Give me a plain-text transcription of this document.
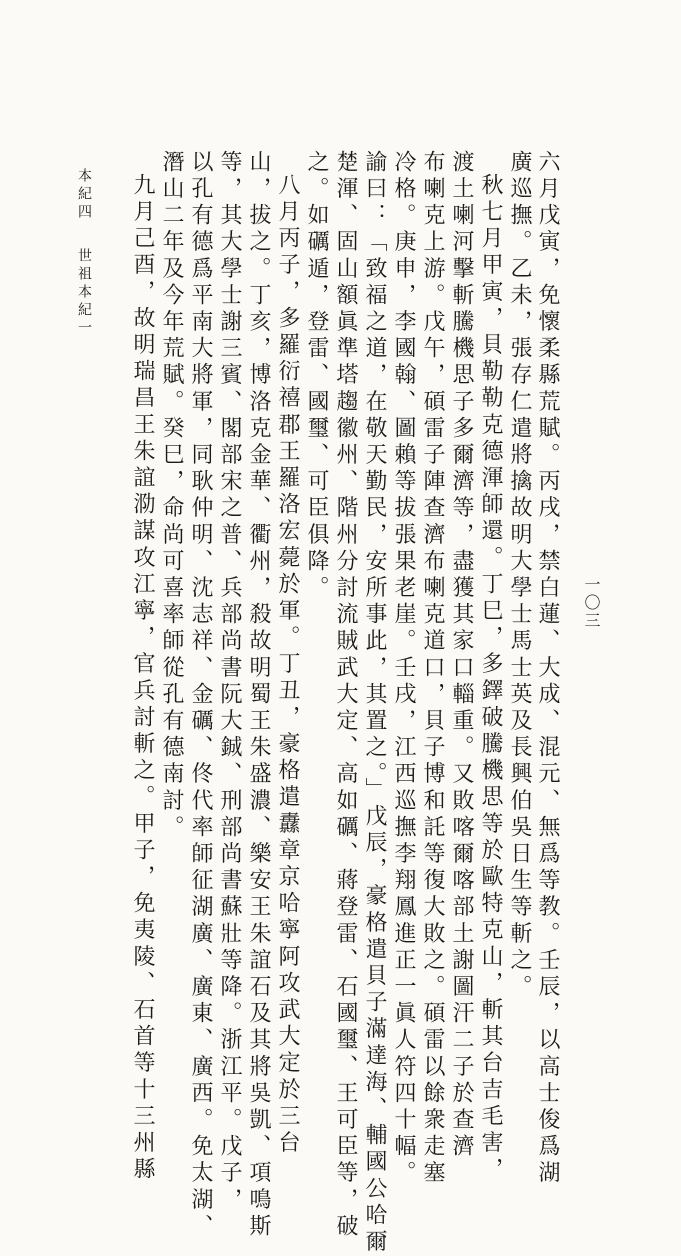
六月戊寅，免懷柔縣荒賦。丙戌，禁白蓮、大成、混元、無爲等教。壬辰，以高士俊爲湖
廣巡撫。乙未，張存仁遣將擒故明大學士馬士英及長興伯吳日生等斬之。
秋七月甲寅，貝勒勒克德渾師還。丁巳，多鐸破騰機思等於歐特克山，斬其台吉毛害，
渡土喇河擊斬騰機思子多爾濟等，盡獲其家口輜重。又敗喀爾喀部土謝圖汗二子於查濟
布喇克上游。戊午，碩雷子陣查濟布喇克道口，貝子博和託等復大敗之。碩雷以餘衆走塞
冷格。庚申，李國翰、圖賴等拔張果老崖。壬戌，江西巡撫李翔鳳進正一眞人符四十幅。
諭曰：「致福之道，在敬天勤民，安所事此，其置之。」戊辰，豪格遣貝子滿達海、輔國公哈爾
楚渾、固山額眞準塔趨徽州、階州分討流賊武大定、高如礪、蔣登雷、石國璽、王可臣等，破
之。如礪遁，登雷、國璽、可臣俱降。
八月丙子，多羅衍禧郡王羅洛宏薨於軍。丁丑，豪格遣纛章京哈寧阿攻武大定於三台
山，拔之。丁亥，博洛克金華、衢州，殺故明蜀王朱盛濃、樂安王朱誼石及其將吳凱、項鳴斯
等，其大學士謝三賓、閣部宋之普、兵部尚書阮大鋮、刑部尚書蘇壯等降。浙江平。戊子，
以孔有德爲平南大將軍，同耿仲明、沈志祥、金礪、佟代率師征湖廣、廣東、廣西。免太湖、
潛山二年及今年荒賦。癸巳，命尚可喜率師從孔有德南討。
九月己酉，故明瑞昌王朱誼泐謀攻江寧，官兵討斬之。甲子，免夷陵、石首等十三州縣
本紀四世祖本紀一
一〇三
